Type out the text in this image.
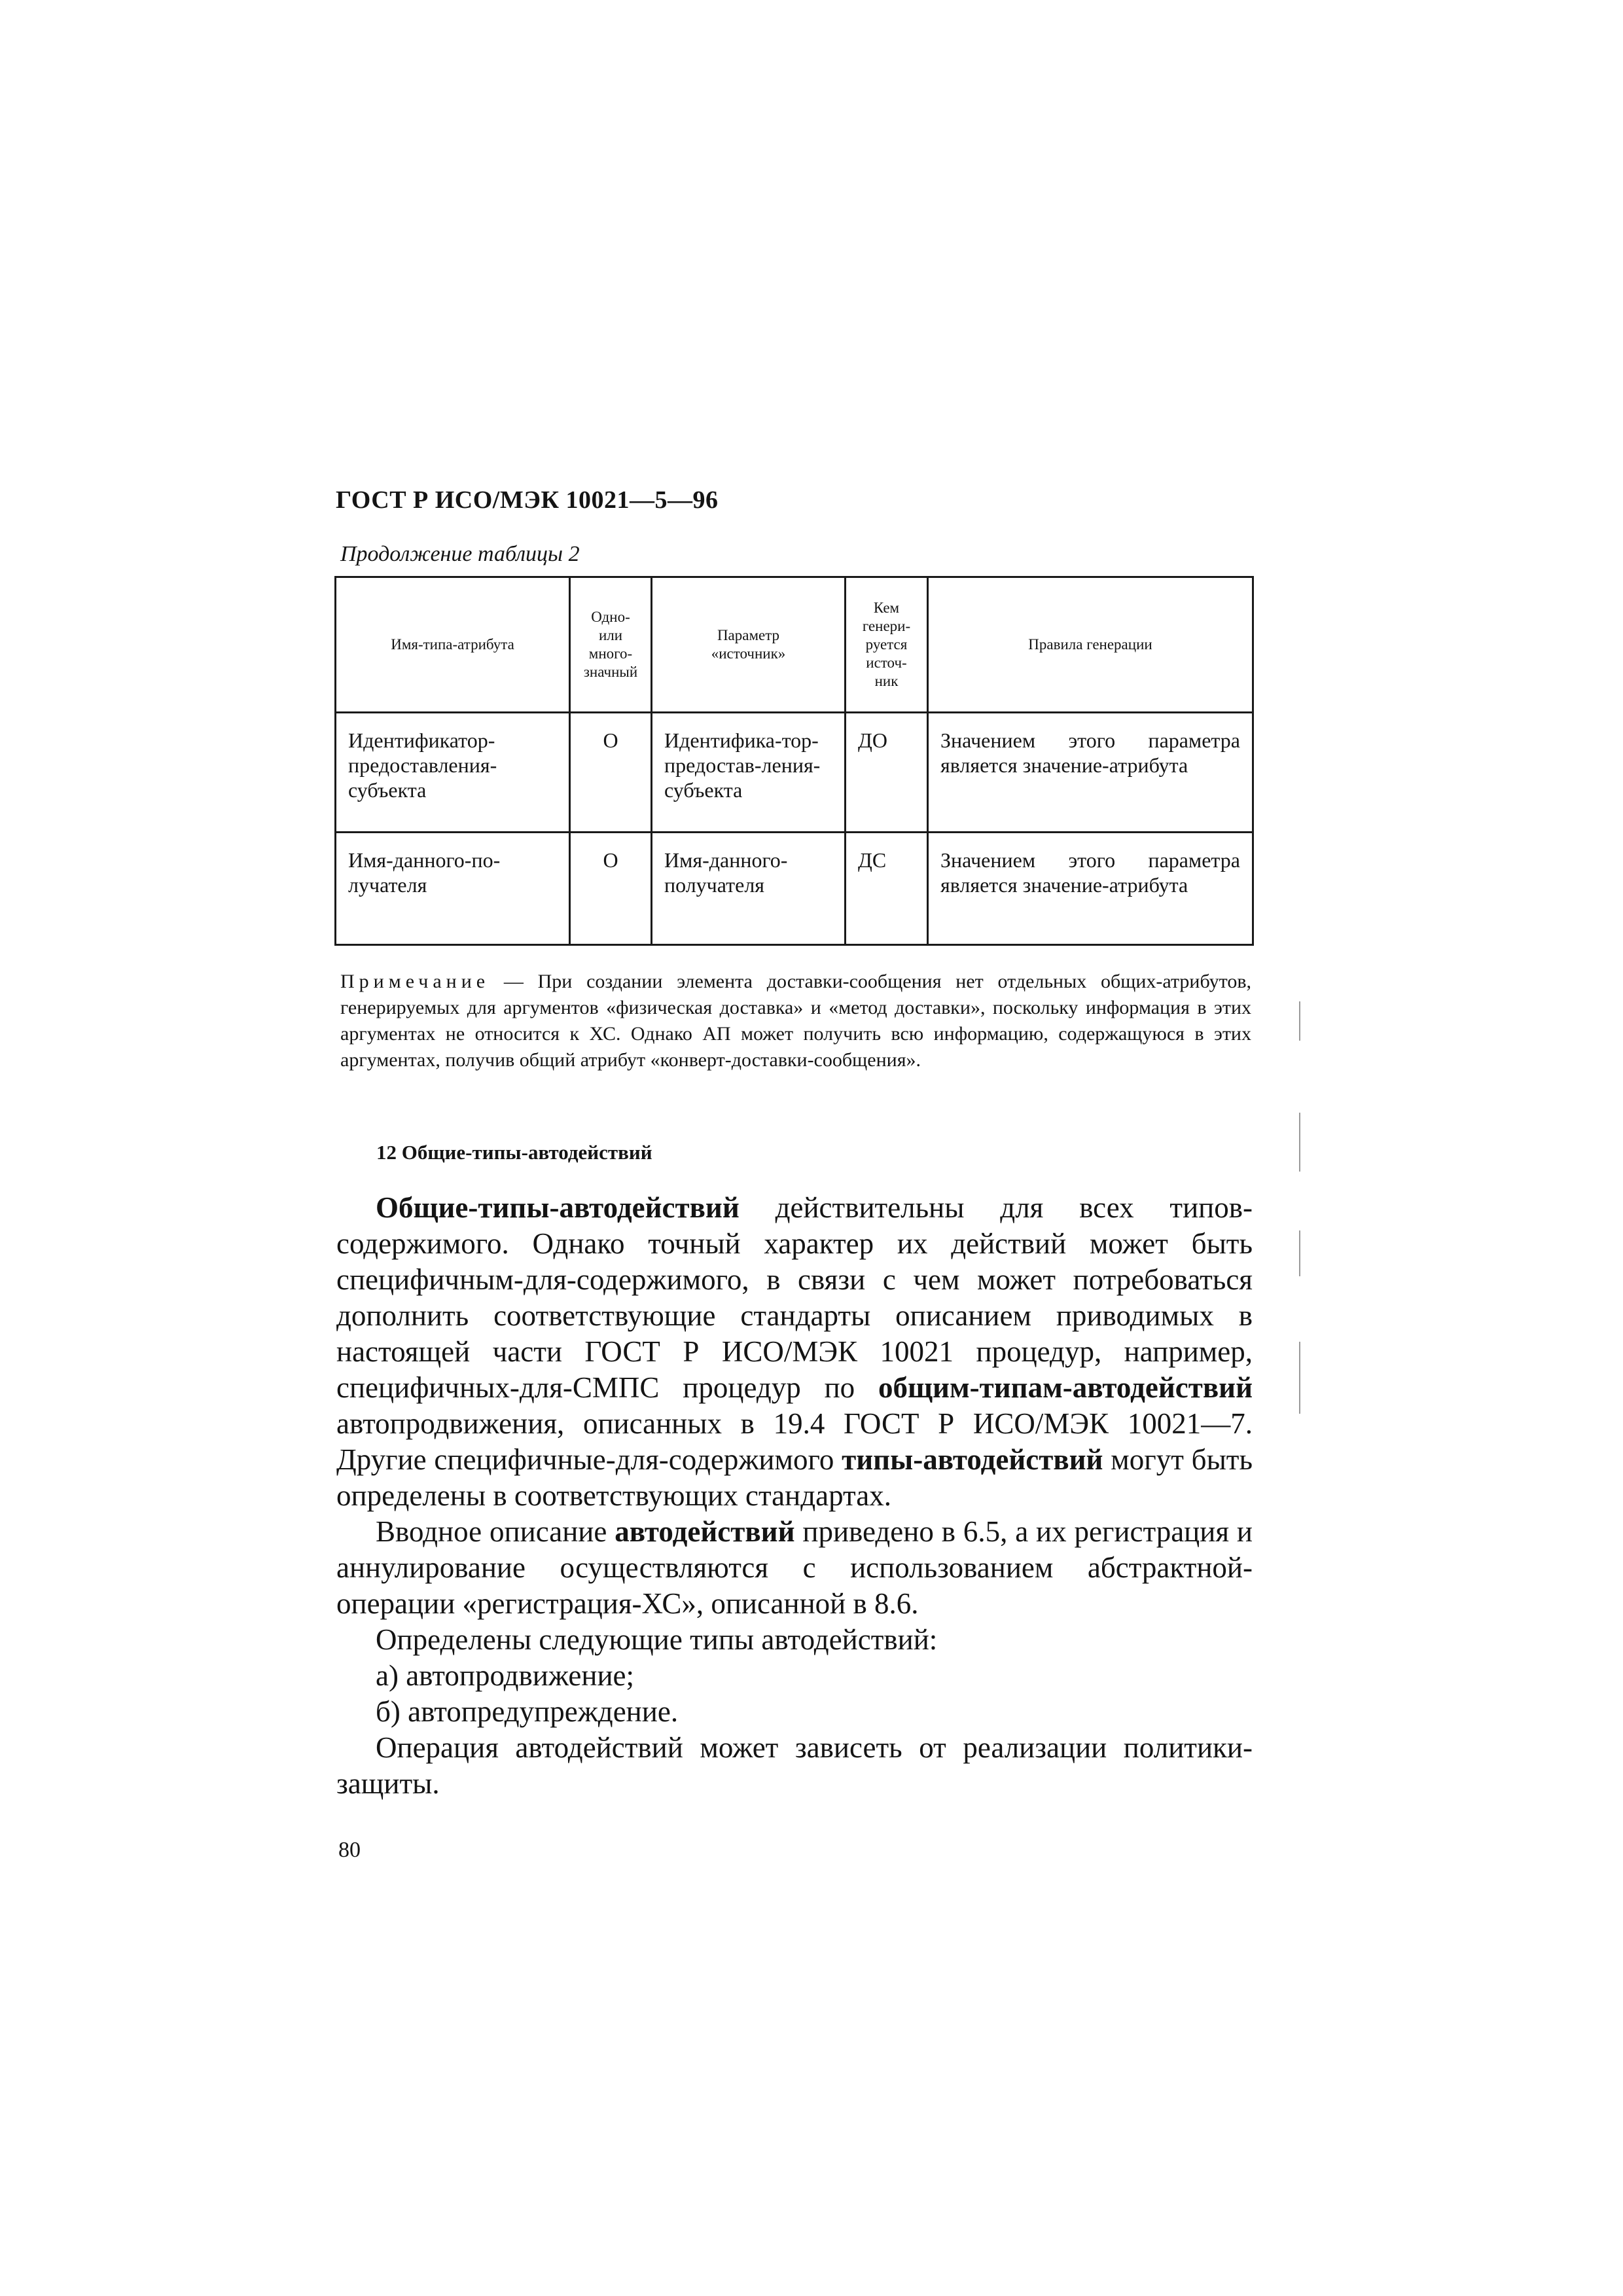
ГОСТ Р ИСО/МЭК 10021—5—96
Продолжение таблицы 2
Имя-типа-атрибута	Одно-
или
много-
значный	Параметр
«источник»	Кем
генери-
руется
источ-
ник	Правила генерации

Идентификатор-
предоставления-
субъекта	О	Идентифика-тор-предостав-ления-субъекта	ДО	Значением этого параметра является значение-атрибута

Имя-данного-по-
лучателя	О	Имя-данного-получателя	ДС	Значением этого параметра является значение-атрибута
Примечание — При создании элемента доставки-сообщения нет отдельных общих-атрибутов, генерируемых для аргументов «физическая доставка» и «метод доставки», поскольку информация в этих аргументах не относится к ХС. Однако АП может получить всю информацию, содержащуюся в этих аргументах, получив общий атрибут «конверт-доставки-сообщения».
12 Общие-типы-автодействий

Общие-типы-автодействий действительны для всех типов-содержимого. Однако точный характер их действий может быть специфичным-для-содержимого, в связи с чем может потребоваться дополнить соответствующие стандарты описанием приводимых в настоящей части ГОСТ Р ИСО/МЭК 10021 процедур, например, специфичных-для-СМПС процедур по общим-типам-автодействий автопродвижения, описанных в 19.4 ГОСТ Р ИСО/МЭК 10021—7. Другие специфичные-для-содержимого типы-автодействий могут быть определены в соответствующих стандартах.

Вводное описание автодействий приведено в 6.5, а их регистрация и аннулирование осуществляются с использованием абстрактной-операции «регистрация-ХС», описанной в 8.6.

Определены следующие типы автодействий:

а) автопродвижение;

б) автопредупреждение.

Операция автодействий может зависеть от реализации политики-защиты.

80
